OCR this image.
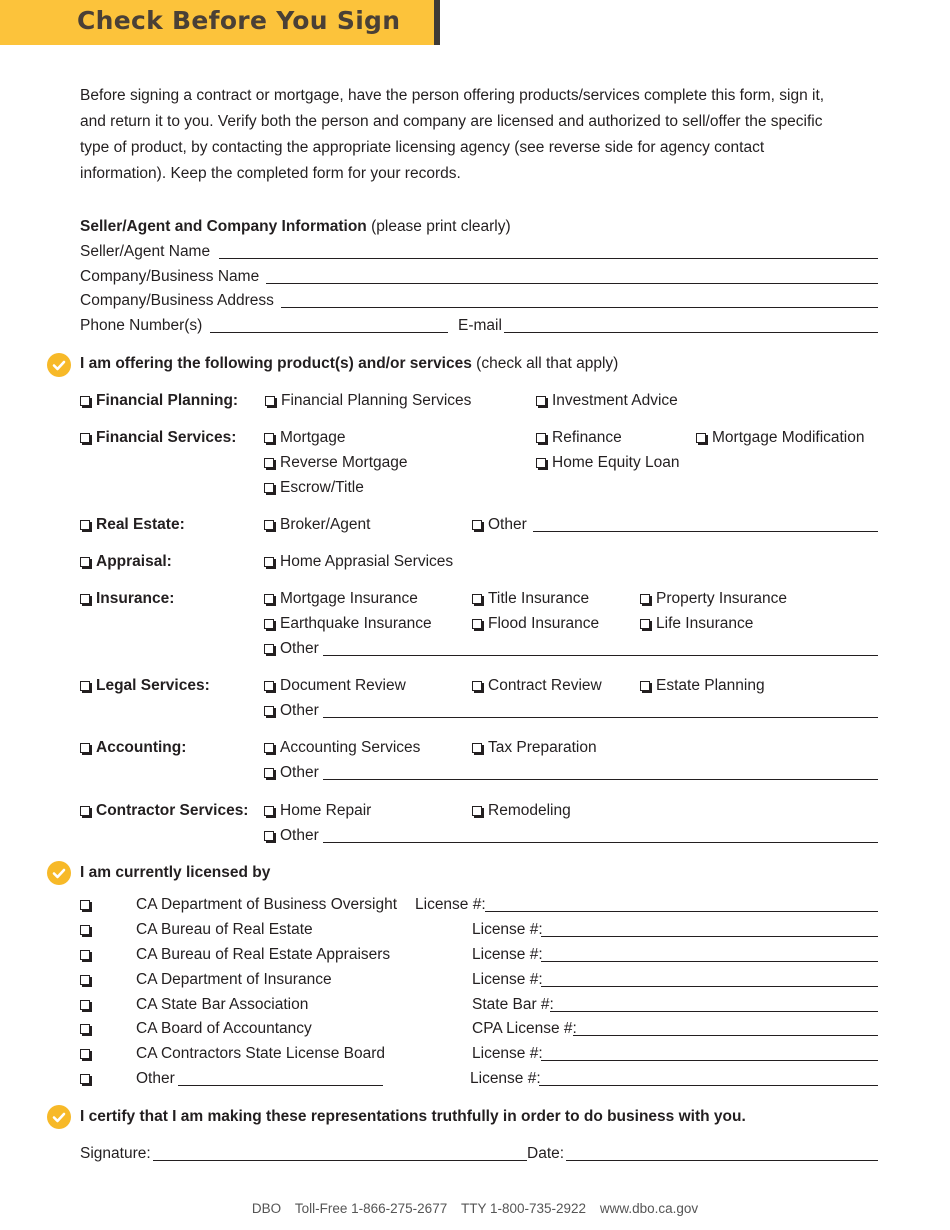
Check Before You Sign

Before signing a contract or mortgage, have the person offering products/services complete this form, sign it, and return it to you. Verify both the person and company are licensed and authorized to sell/offer the specific type of product, by contacting the appropriate licensing agency (see reverse side for agency contact information). Keep the completed form for your records.

Seller/Agent and Company Information (please print clearly)
Seller/Agent Name
Company/Business Name
Company/Business Address
Phone Number(s)	E-mail
I am offering the following product(s) and/or services (check all that apply)
Financial Planning:	Financial Planning Services	Investment Advice
Financial Services:	Mortgage	Refinance	Mortgage Modification
Reverse Mortgage	Home Equity Loan
Escrow/Title
Real Estate:	Broker/Agent	Other
Appraisal:	Home Apprasial Services
Insurance:	Mortgage Insurance	Title Insurance	Property Insurance
Earthquake Insurance	Flood Insurance	Life Insurance
Other
Legal Services:	Document Review	Contract Review	Estate Planning
Other
Accounting:	Accounting Services	Tax Preparation
Other
Contractor Services:	Home Repair	Remodeling
Other
I am currently licensed by
CA Department of Business Oversight License #:
CA Bureau of Real Estate	License #:
CA Bureau of Real Estate Appraisers	License #:
CA Department of Insurance	License #:
CA State Bar Association	State Bar #:
CA Board of Accountancy	CPA License #:
CA Contractors State License Board	License #:
Other	License #:
I certify that I am making these representations truthfully in order to do business with you.
Signature:	Date:
DBO Toll-Free 1-866-275-2677 TTY 1-800-735-2922 www.dbo.ca.gov
